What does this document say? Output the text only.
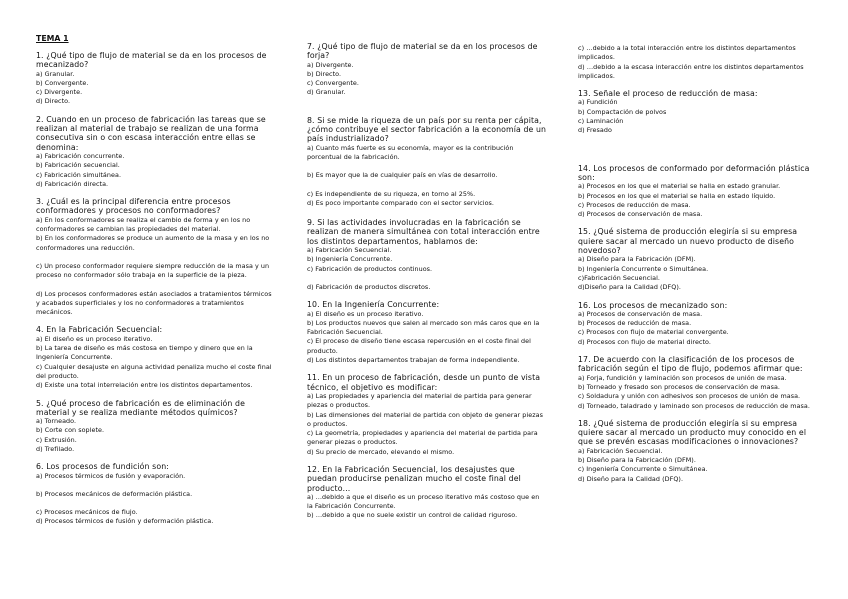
TEMA 1
1. ¿Qué tipo de flujo de material se da en los procesos de mecanizado?
a) Granular.
b) Convergente.
c) Divergente.
d) Directo.
2. Cuando en un proceso de fabricación las tareas que se realizan al material de trabajo se realizan de una forma consecutiva sin o con escasa interacción entre ellas se denomina:
a) Fabricación concurrente.
b) Fabricación secuencial.
c) Fabricación simultánea.
d) Fabricación directa.
3. ¿Cuál es la principal diferencia entre procesos conformadores y procesos no conformadores?
a) En los conformadores se realiza el cambio de forma y en los no conformadores se cambian las propiedades del material.
b) En los conformadores se produce un aumento de la masa y en los no conformadores una reducción.
c) Un proceso conformador requiere siempre reducción de la masa y un proceso no conformador sólo trabaja en la superficie de la pieza.
d) Los procesos conformadores están asociados a tratamientos térmicos y acabados superficiales y los no conformadores a tratamientos mecánicos.
4. En la Fabricación Secuencial:
a) El diseño es un proceso iterativo.
b) La tarea de diseño es más costosa en tiempo y dinero que en la Ingeniería Concurrente.
c) Cualquier desajuste en alguna actividad penaliza mucho el coste final del producto.
d) Existe una total interrelación entre los distintos departamentos.
5. ¿Qué proceso de fabricación es de eliminación de material y se realiza mediante métodos químicos?
a) Torneado.
b) Corte con soplete.
c) Extrusión.
d) Trefilado.
6. Los procesos de fundición son:
a) Procesos térmicos de fusión y evaporación.
b) Procesos mecánicos de deformación plástica.
c) Procesos mecánicos de flujo.
d) Procesos térmicos de fusión y deformación plástica.
7. ¿Qué tipo de flujo de material se da en los procesos de forja?
a) Divergente.
b) Directo.
c) Convergente.
d) Granular.
8. Si se mide la riqueza de un país por su renta per cápita, ¿cómo contribuye el sector fabricación a la economía de un país industrializado?
a) Cuanto más fuerte es su economía, mayor es la contribución porcentual de la fabricación.
b) Es mayor que la de cualquier país en vías de desarrollo.
c) Es independiente de su riqueza, en torno al 25%.
d) Es poco importante comparado con el sector servicios.
9. Si las actividades involucradas en la fabricación se realizan de manera simultánea con total interacción entre los distintos departamentos, hablamos de:
a) Fabricación Secuencial.
b) Ingeniería Concurrente.
c) Fabricación de productos continuos.
d) Fabricación de productos discretos.
10. En la Ingeniería Concurrente:
a) El diseño es un proceso iterativo.
b) Los productos nuevos que salen al mercado son más caros que en la Fabricación Secuencial.
c) El proceso de diseño tiene escasa repercusión en el coste final del producto.
d) Los distintos departamentos trabajan de forma independiente.
11. En un proceso de fabricación, desde un punto de vista técnico, el objetivo es modificar:
a) Las propiedades y apariencia del material de partida para generar piezas o productos.
b) Las dimensiones del material de partida con objeto de generar piezas o productos.
c) La geometría, propiedades y apariencia del material de partida para generar piezas o productos.
d) Su precio de mercado, elevando el mismo.
12. En la Fabricación Secuencial, los desajustes que puedan producirse penalizan mucho el coste final del producto…
a) …debido a que el diseño es un proceso iterativo más costoso que en la Fabricación Concurrente.
b) …debido a que no suele existir un control de calidad riguroso.
c) …debido a la total interacción entre los distintos departamentos implicados.
d) …debido a la escasa interacción entre los distintos departamentos implicados.
13. Señale el proceso de reducción de masa:
a) Fundición
b) Compactación de polvos
c) Laminación
d) Fresado
14. Los procesos de conformado por deformación plástica son:
a) Procesos en los que el material se halla en estado granular.
b) Procesos en los que el material se halla en estado líquido.
c) Procesos de reducción de masa.
d) Procesos de conservación de masa.
15. ¿Qué sistema de producción elegiría si su empresa quiere sacar al mercado un nuevo producto de diseño novedoso?
a) Diseño para la Fabricación (DFM).
b) Ingeniería Concurrente o Simultánea.
c)Fabricación Secuencial.
d)Diseño para la Calidad (DFQ).
16. Los procesos de mecanizado son:
a) Procesos de conservación de masa.
b) Procesos de reducción de masa.
c) Procesos con flujo de material convergente.
d) Procesos con flujo de material directo.
17. De acuerdo con la clasificación de los procesos de fabricación según el tipo de flujo, podemos afirmar que:
a) Forja, fundición y laminación son procesos de unión de masa.
b) Torneado y fresado son procesos de conservación de masa.
c) Soldadura y unión con adhesivos son procesos de unión de masa.
d) Torneado, taladrado y laminado son procesos de reducción de masa.
18. ¿Qué sistema de producción elegiría si su empresa quiere sacar al mercado un producto muy conocido en el que se prevén escasas modificaciones o innovaciones?
a) Fabricación Secuencial.
b) Diseño para la Fabricación (DFM).
c) Ingeniería Concurrente o Simultánea.
d) Diseño para la Calidad (DFQ).
